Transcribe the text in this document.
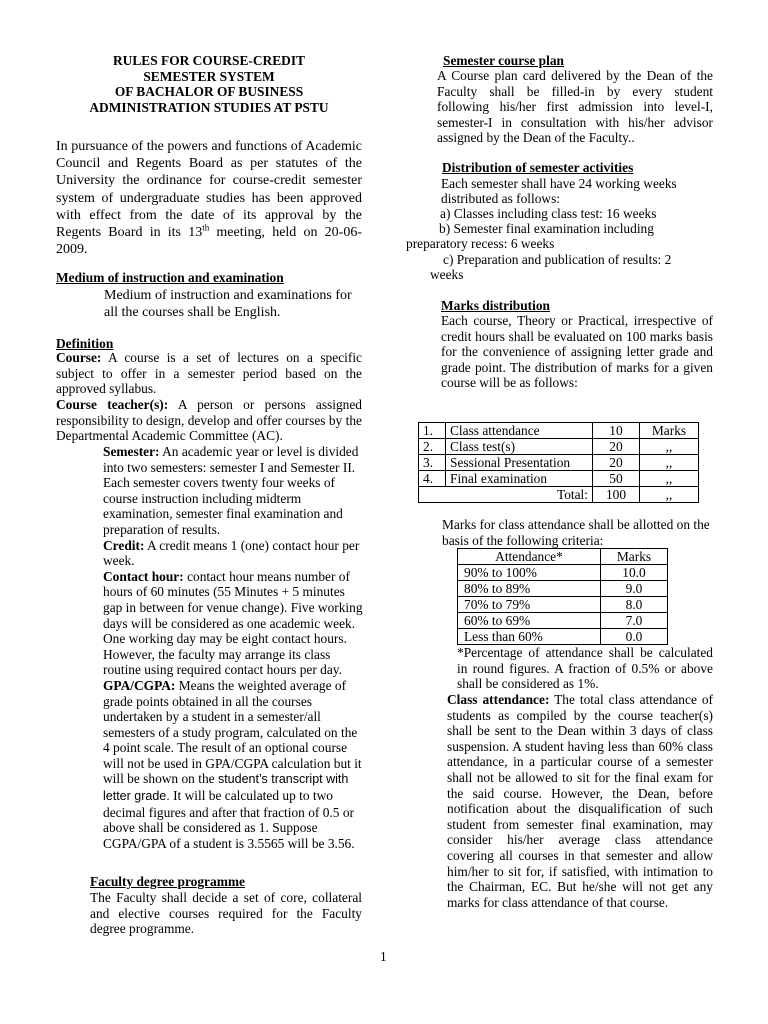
RULES FOR COURSE-CREDIT
SEMESTER SYSTEM
OF BACHALOR OF BUSINESS
ADMINISTRATION STUDIES AT PSTU
In pursuance of the powers and functions of Academic Council and Regents Board as per statutes of the University the ordinance for course-credit semester system of undergraduate studies has been approved with effect from the date of its approval by the Regents Board in its 13th meeting, held on 20-06-2009.
Medium of instruction and examination
Medium of instruction and examinations for all the courses shall be English.
Definition
Course: A course is a set of lectures on a specific subject to offer in a semester period based on the approved syllabus.
Course teacher(s): A person or persons assigned responsibility to design, develop and offer courses by the Departmental Academic Committee (AC).
Semester: An academic year or level is divided into two semesters: semester I and Semester II. Each semester covers twenty four weeks of course instruction including midterm examination, semester final examination and preparation of results.
Credit: A credit means 1 (one) contact hour per week.
Contact hour: contact hour means number of hours of 60 minutes (55 Minutes + 5 minutes gap in between for venue change). Five working days will be considered as one academic week. One working day may be eight contact hours. However, the faculty may arrange its class routine using required contact hours per day.
GPA/CGPA: Means the weighted average of grade points obtained in all the courses undertaken by a student in a semester/all semesters of a study program, calculated on the 4 point scale. The result of an optional course will not be used in GPA/CGPA calculation but it will be shown on the student’s transcript with letter grade. It will be calculated up to two decimal figures and after that fraction of 0.5 or above shall be considered as 1. Suppose CGPA/GPA of a student is 3.5565 will be 3.56.
Faculty degree programme
The Faculty shall decide a set of core, collateral and elective courses required for the Faculty degree programme.
Semester course plan
A Course plan card delivered by the Dean of the Faculty shall be filled-in by every student following his/her first admission into level-I, semester-I in consultation with his/her advisor assigned by the Dean of the Faculty..
Distribution of semester activities
Each semester shall have 24 working weeks
distributed as follows:
a) Classes including class test: 16 weeks
b) Semester final examination including
preparatory recess: 6 weeks
c) Preparation and publication of results: 2
weeks
Marks distribution
Each course, Theory or Practical, irrespective of credit hours shall be evaluated on 100 marks basis for the convenience of assigning letter grade and grade point. The distribution of marks for a given course will be as follows:
1.	Class attendance	10	Marks
2.	Class test(s)	20	,,
3.	Sessional Presentation	20	,,
4.	Final examination	50	,,
Total:		100	,,
Marks for class attendance shall be allotted on the basis of the following criteria:
Attendance*	Marks
90% to 100%	10.0
80% to 89%	9.0
70% to 79%	8.0
60% to 69%	7.0
Less than 60%	0.0
*Percentage of attendance shall be calculated in round figures. A fraction of 0.5% or above shall be considered as 1%.
Class attendance: The total class attendance of students as compiled by the course teacher(s) shall be sent to the Dean within 3 days of class suspension. A student having less than 60% class attendance, in a particular course of a semester shall not be allowed to sit for the final exam for the said course. However, the Dean, before notification about the disqualification of such student from semester final examination, may consider his/her average class attendance covering all courses in that semester and allow him/her to sit for, if satisfied, with intimation to the Chairman, EC. But he/she will not get any marks for class attendance of that course.
1
